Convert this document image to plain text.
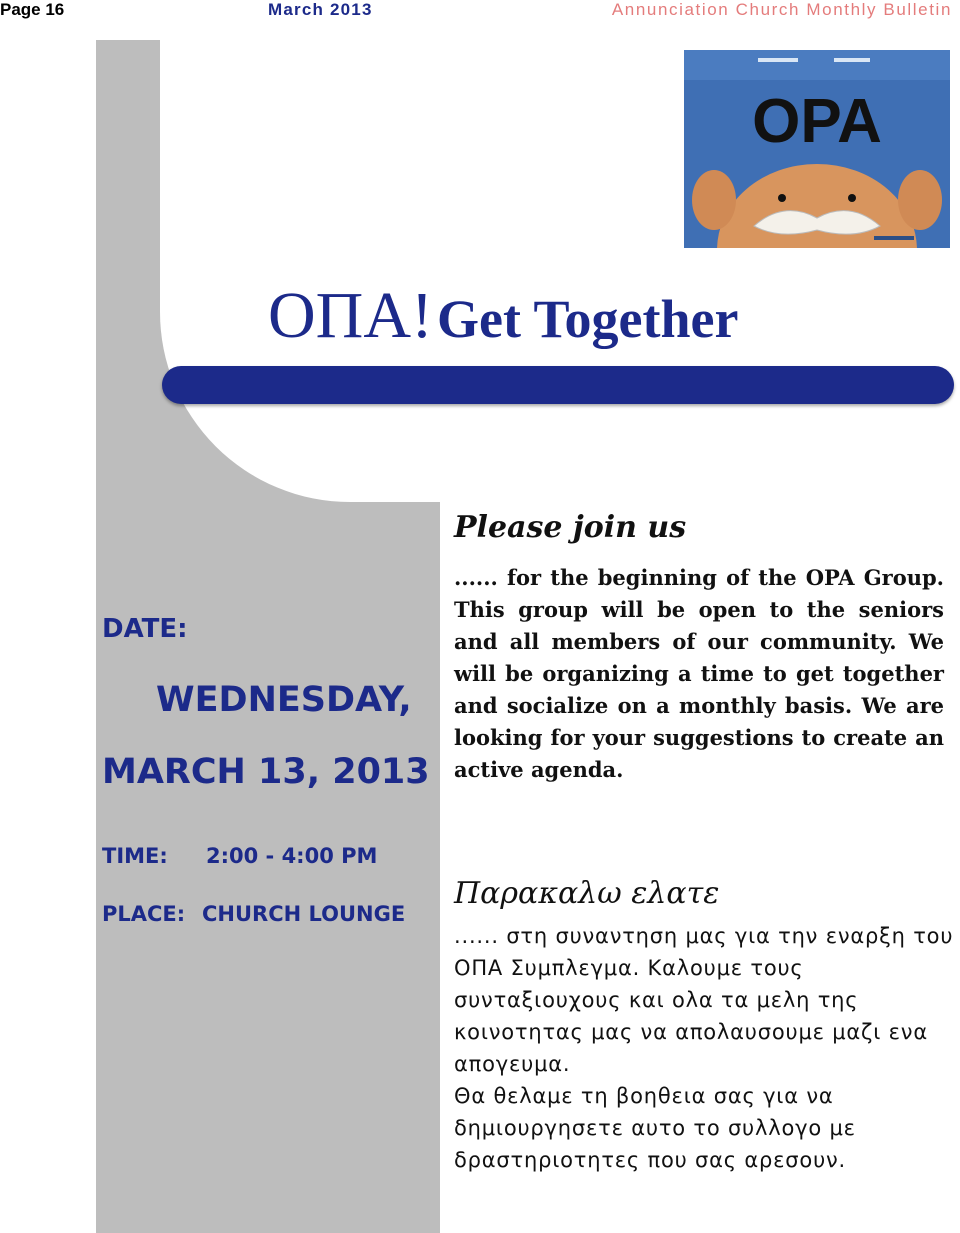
Page 16	March 2013	Annunciation Church Monthly Bulletin
OPA
ΟΠΑ! Get Together
DATE:
WEDNESDAY,
MARCH 13, 2013
TIME: 2:00 - 4:00 PM
PLACE: CHURCH LOUNGE
Please join us
...... for the beginning of the OPA Group. This group will be open to the seniors and all members of our community. We will be organizing a time to get together and socialize on a monthly basis. We are looking for your suggestions to create an active agenda.
Παρακαλω ελατε

...... στη συναντηση μας για την εναρξη του ΟΠΑ Συμπλεγμα. Καλουμε τους συνταξιουχους και ολα τα μελη της κοινοτητας μας να απολαυσουμε μαζι ενα απογευμα.

Θα θελαμε τη βοηθεια σας για να δημιουργησετε αυτο το συλλογο με δραστηριοτητες που σας αρεσουν.
